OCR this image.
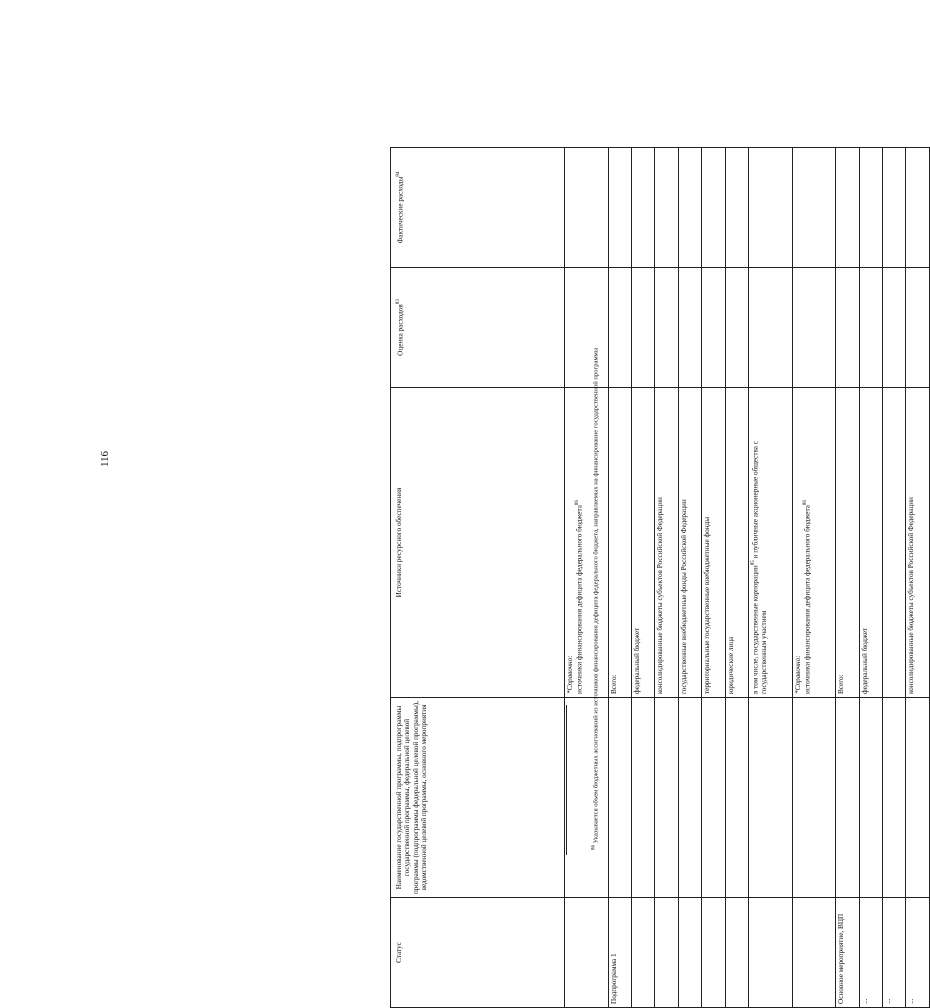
116
Статус	Наименование государственной программы, подпрограммы государственной программы, федеральной целевой программы (подпрограммы федеральной целевой программы), ведомственной целевой программы, основного мероприятия	Источники ресурсного обеспечения	Оценка расходов$^{83}$	Фактические расходы$^{84}$
		*Справочно: источники финансирования дефицита федерального бюджета$^{86}$		
Подпрограмма 1		Всего:		
		федеральный бюджет		
		консолидированные бюджеты субъектов Российской Федерации		
		государственные внебюджетные фонды Российской Федерации		
		территориальные государственные внебюджетные фонды		
		юридические лица		
		в том числе, государственные корпорации$^{85}$ и публичные акционерные общества с государственным участием		
		*Справочно: источники финансирования дефицита федерального бюджета$^{86}$		
Основное мероприятие, ВЦП		Всего:		
...		федеральный бюджет		
...				
...		консолидированные бюджеты субъектов Российской Федерации		
$^{86}$ Указывается объем бюджетных ассигнований из источников финансирования дефицита федерального бюджета, направляемых на финансирование государственной программы
